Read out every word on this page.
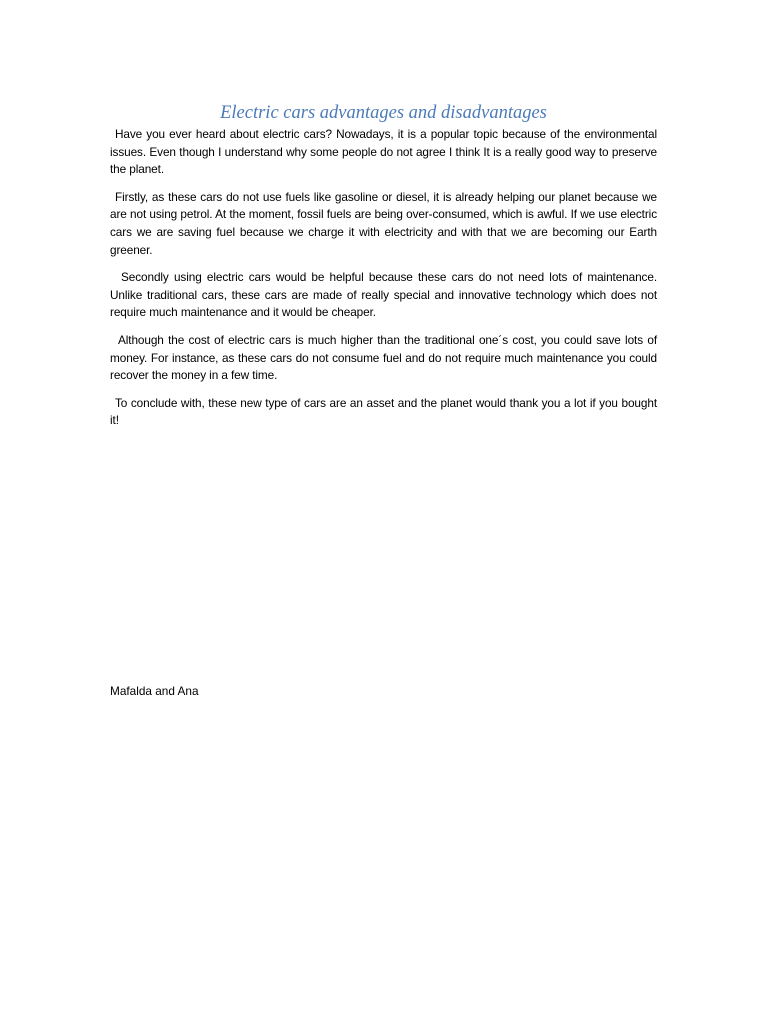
Electric cars advantages and disadvantages

Have you ever heard about electric cars? Nowadays, it is a popular topic because of the environmental issues. Even though I understand why some people do not agree I think It is a really good way to preserve the planet.

Firstly, as these cars do not use fuels like gasoline or diesel, it is already helping our planet because we are not using petrol. At the moment, fossil fuels are being over-consumed, which is awful. If we use electric cars we are saving fuel because we charge it with electricity and with that we are becoming our Earth greener.

Secondly using electric cars would be helpful because these cars do not need lots of maintenance. Unlike traditional cars, these cars are made of really special and innovative technology which does not require much maintenance and it would be cheaper.

Although the cost of electric cars is much higher than the traditional one´s cost, you could save lots of money. For instance, as these cars do not consume fuel and do not require much maintenance you could recover the money in a few time.

To conclude with, these new type of cars are an asset and the planet would thank you a lot if you bought it!

Mafalda and Ana
